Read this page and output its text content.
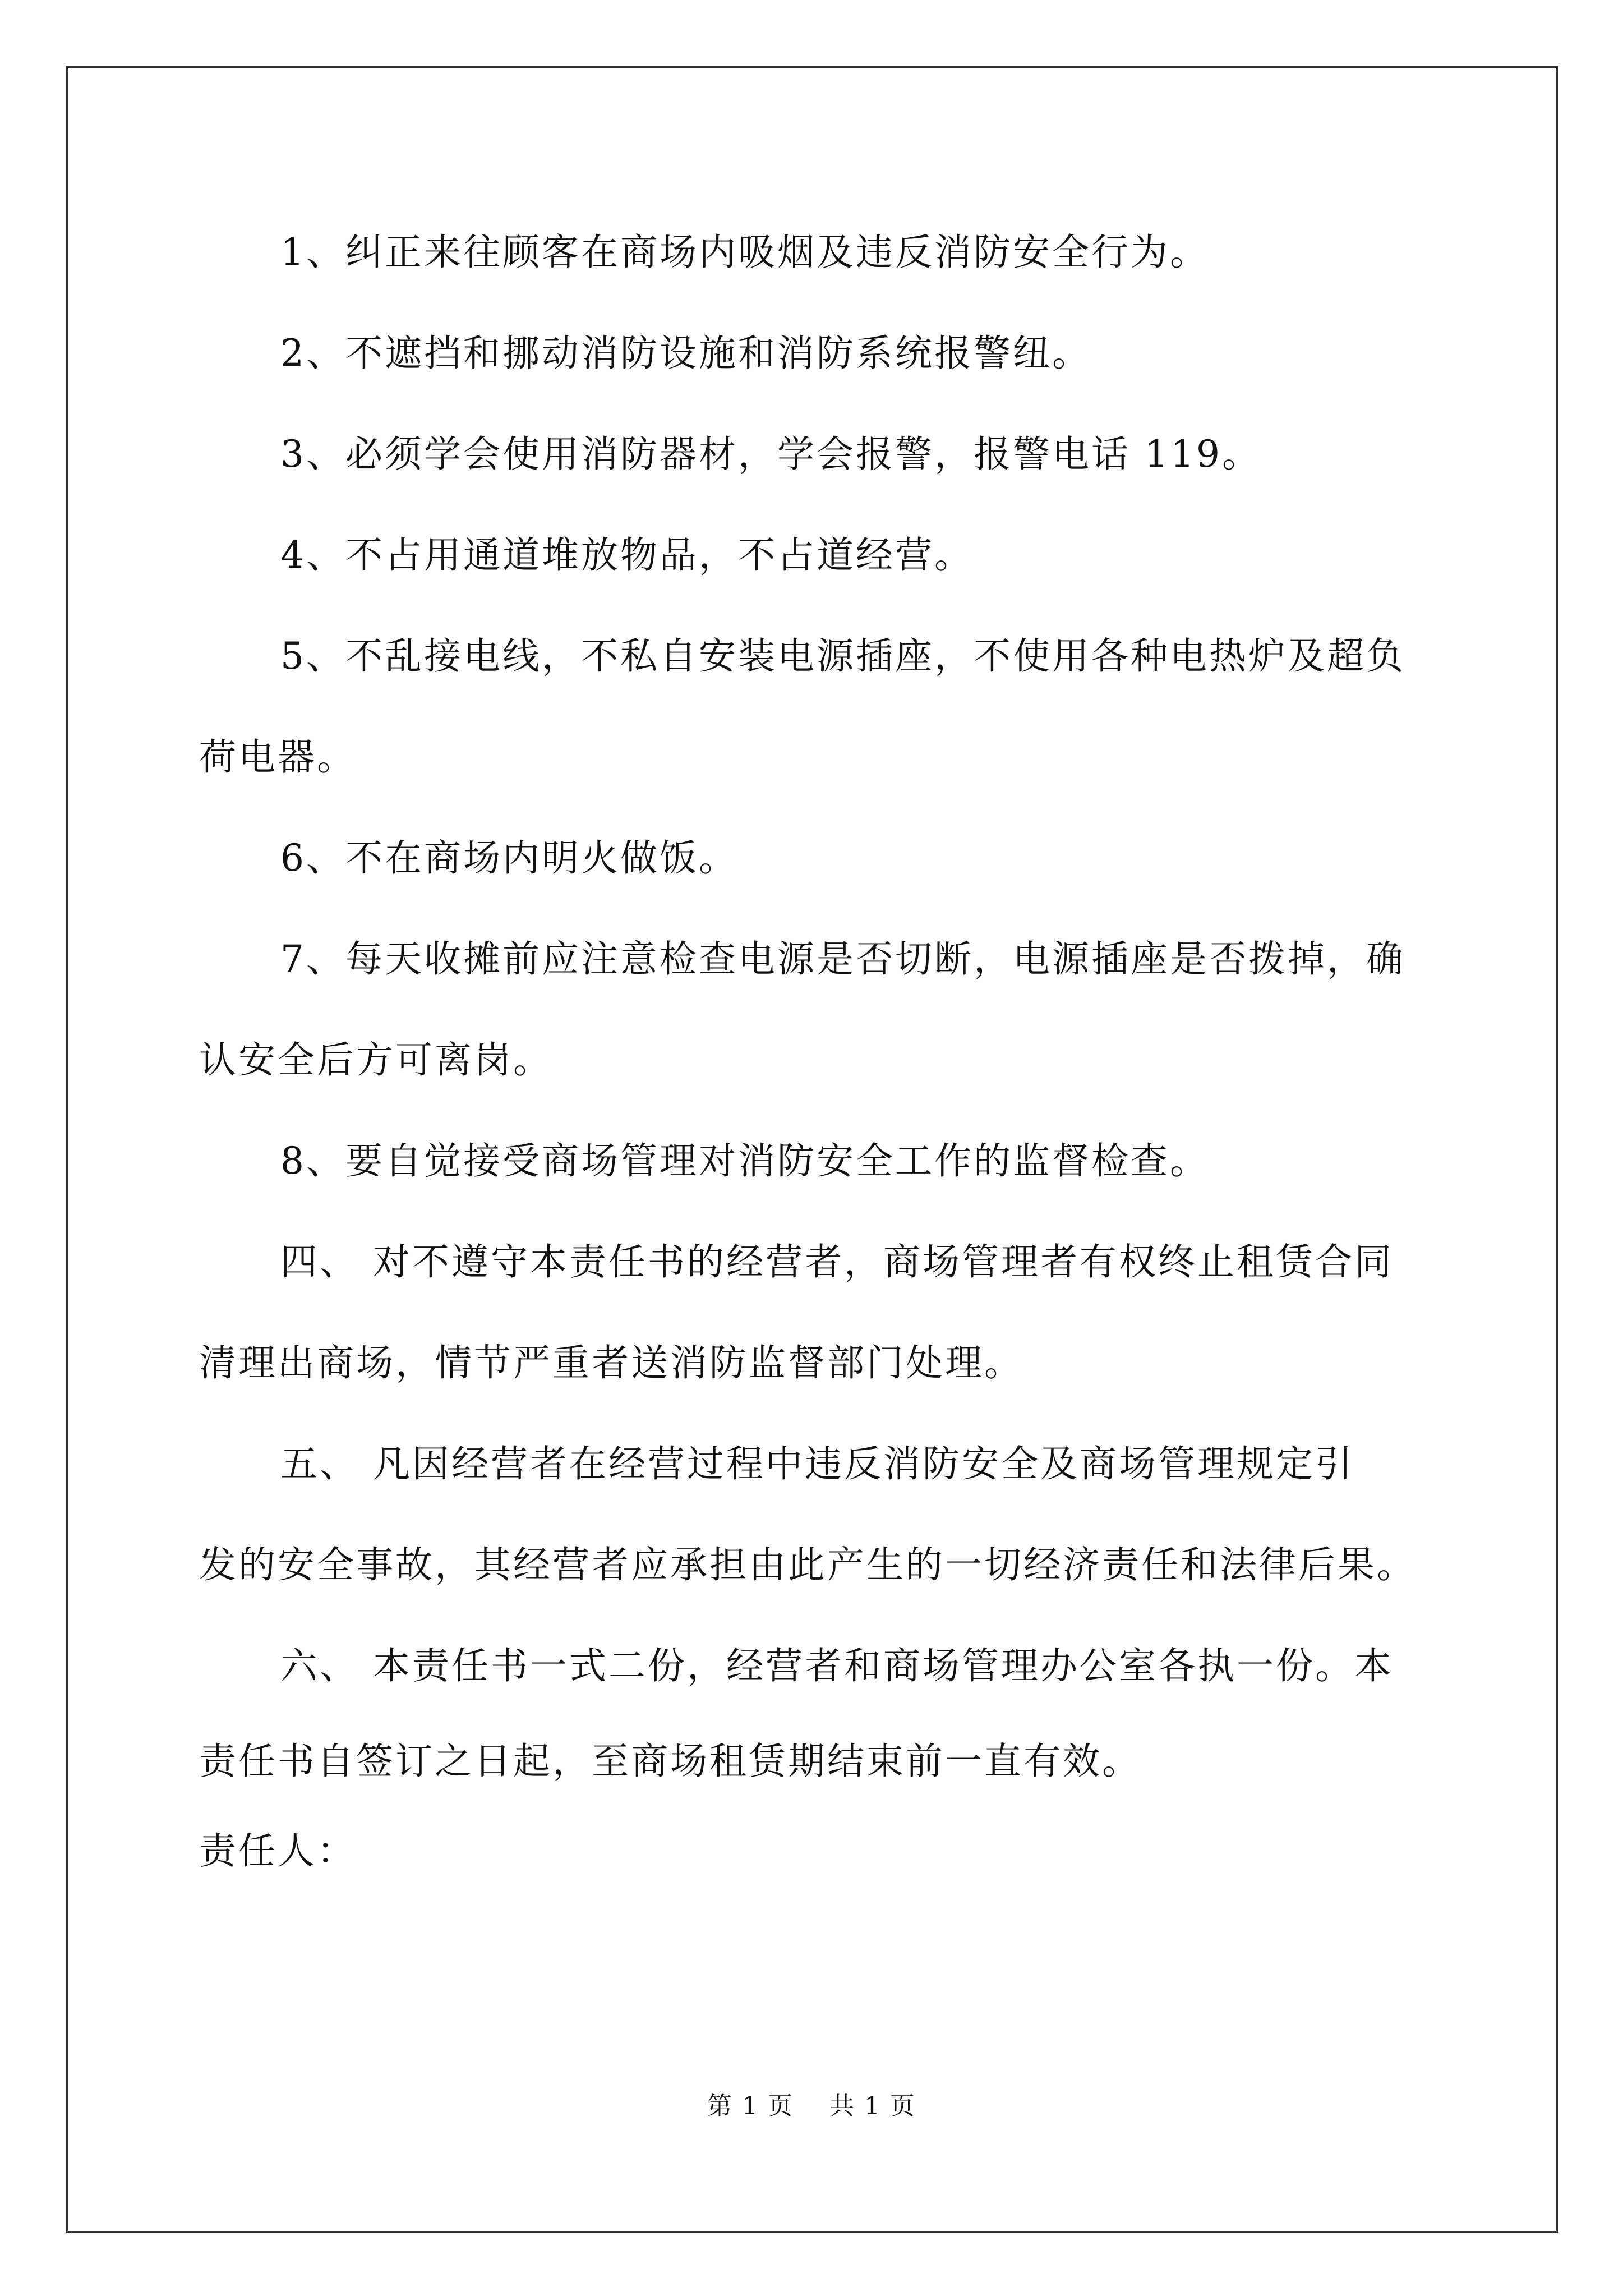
1、纠正来往顾客在商场内吸烟及违反消防安全行为。
2、不遮挡和挪动消防设施和消防系统报警纽。
3、必须学会使用消防器材，学会报警，报警电话 119。
4、不占用通道堆放物品，不占道经营。
5、不乱接电线，不私自安装电源插座，不使用各种电热炉及超负
荷电器。
6、不在商场内明火做饭。
7、每天收摊前应注意检查电源是否切断，电源插座是否拨掉，确
认安全后方可离岗。
8、要自觉接受商场管理对消防安全工作的监督检查。
四、 对不遵守本责任书的经营者，商场管理者有权终止租赁合同
清理出商场，情节严重者送消防监督部门处理。
五、 凡因经营者在经营过程中违反消防安全及商场管理规定引
发的安全事故，其经营者应承担由此产生的一切经济责任和法律后果。
六、 本责任书一式二份，经营者和商场管理办公室各执一份。本
责任书自签订之日起，至商场租赁期结束前一直有效。
责任人：
第 1 页    共 1 页
